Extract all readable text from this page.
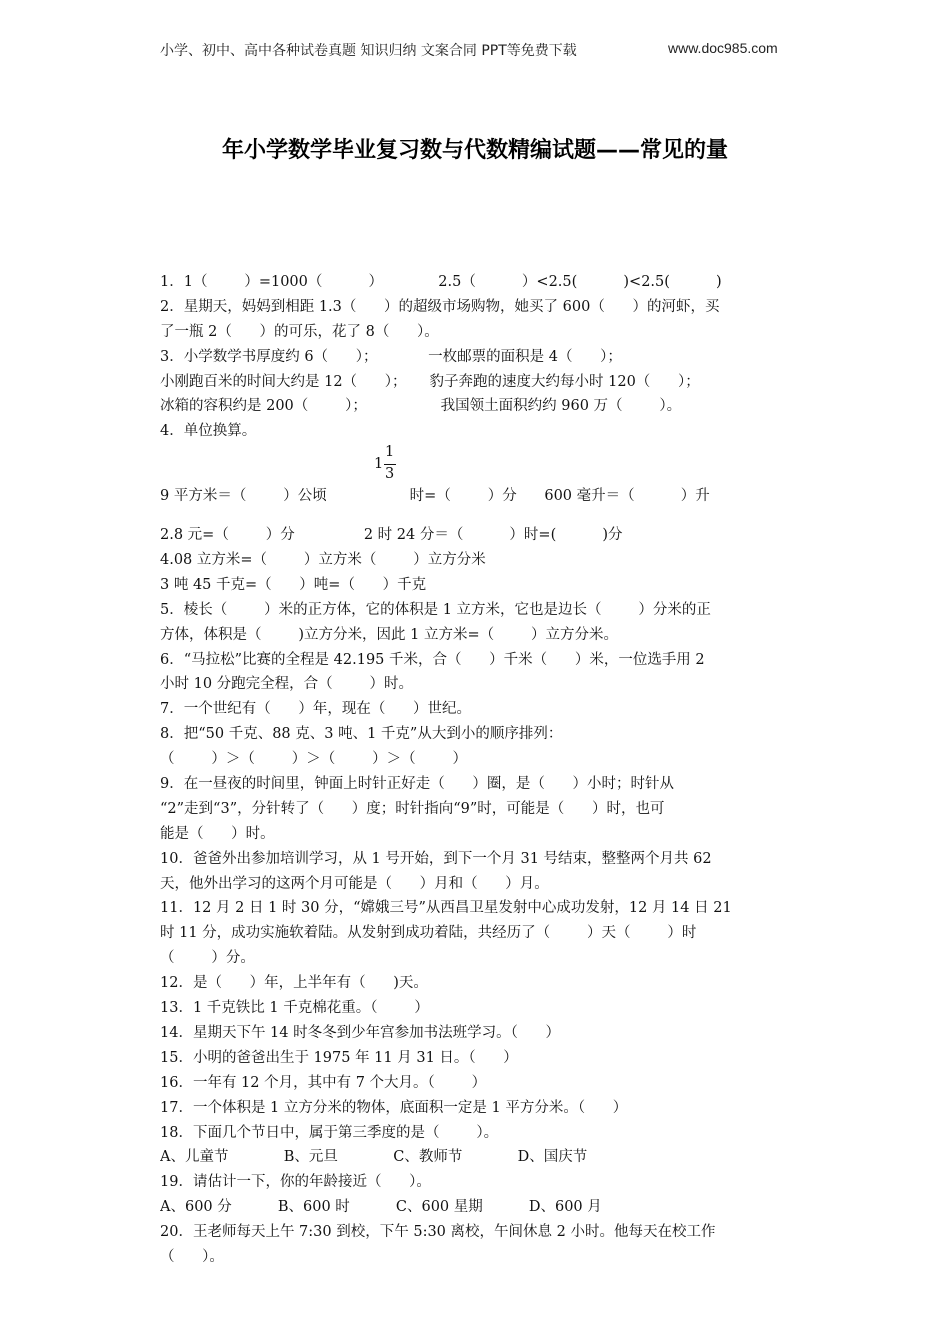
小学、初中、高中各种试卷真题 知识归纳 文案合同 PPT等免费下载	www.doc985.com
年小学数学毕业复习数与代数精编试题——常见的量
1．1（        ）=1000（          ）            2.5（          ）<2.5(          )<2.5(          )
2．星期天，妈妈到相距 1.3（      ）的超级市场购物，她买了 600（      ）的河虾，买
了一瓶 2（      ）的可乐，花了 8（      ）。
3．小学数学书厚度约 6（      ）；           一枚邮票的面积是 4（      ）；
小刚跑百米的时间大约是 12（      ）；     豹子奔跑的速度大约每小时 120（      ）；
冰箱的容积约是 200（        ）；                我国领土面积约约 960 万（        ）。
4．单位换算。
1
1
3
9 平方米＝（        ）公顷                  时=（        ）分      600 毫升＝（          ）升
2.8 元=（        ）分               2 时 24 分＝（          ）时=(          )分
4.08 立方米=（        ）立方米（        ）立方分米
3 吨 45 千克=（      ）吨=（      ）千克
5．棱长（        ）米的正方体，它的体积是 1 立方米，它也是边长（        ）分米的正
方体，体积是（        )立方分米，因此 1 立方米=（        ）立方分米。
6．“马拉松”比赛的全程是 42.195 千米，合（      ）千米（      ）米，一位选手用 2
小时 10 分跑完全程，合（        ）时。
7．一个世纪有（      ）年，现在（      ）世纪。
8．把“50 千克、88 克、3 吨、1 千克”从大到小的顺序排列：
（        ）＞（        ）＞（        ）＞（        ）
9．在一昼夜的时间里，钟面上时针正好走（      ）圈，是（      ）小时；时针从
“2”走到“3”，分针转了（      ）度；时针指向“9”时，可能是（      ）时，也可
能是（      ）时。
10．爸爸外出参加培训学习，从 1 号开始，到下一个月 31 号结束，整整两个月共 62
天，他外出学习的这两个月可能是（      ）月和（      ）月。
11．12 月 2 日 1 时 30 分，“嫦娥三号”从西昌卫星发射中心成功发射，12 月 14 日 21
时 11 分，成功实施软着陆。从发射到成功着陆，共经历了（        ）天（        ）时
（        ）分。
12．是（      ）年，上半年有（      )天。
13．1 千克铁比 1 千克棉花重。（        ）
14．星期天下午 14 时冬冬到少年宫参加书法班学习。（      ）
15．小明的爸爸出生于 1975 年 11 月 31 日。（      ）
16．一年有 12 个月，其中有 7 个大月。（        ）
17．一个体积是 1 立方分米的物体，底面积一定是 1 平方分米。（      ）
18．下面几个节日中，属于第三季度的是（        ）。
A、儿童节            B、元旦            C、教师节            D、国庆节
19．请估计一下，你的年龄接近（      ）。
A、600 分          B、600 时          C、600 星期          D、600 月
20．王老师每天上午 7:30 到校，下午 5:30 离校，午间休息 2 小时。他每天在校工作
（      ）。
